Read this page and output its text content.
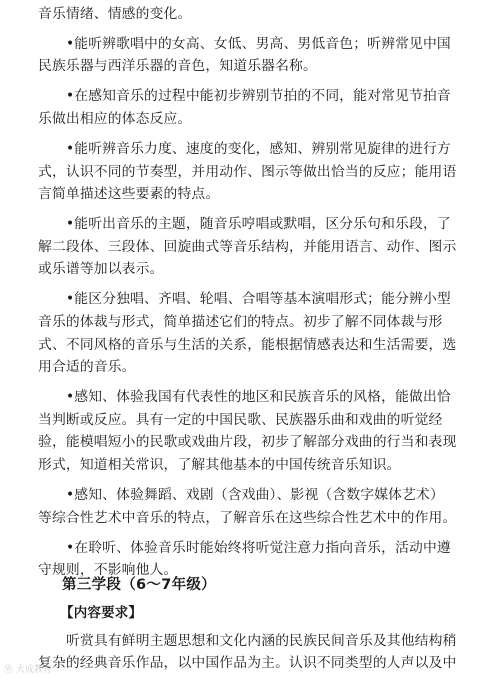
音乐情绪、情感的变化。
•能听辨歌唱中的女高、女低、男高、男低音色；听辨常见中国
民族乐器与西洋乐器的音色，知道乐器名称。
•在感知音乐的过程中能初步辨别节拍的不同，能对常见节拍音
乐做出相应的体态反应。
•能听辨音乐力度、速度的变化，感知、辨别常见旋律的进行方
式，认识不同的节奏型，并用动作、图示等做出恰当的反应；能用语
言简单描述这些要素的特点。
•能听出音乐的主题，随音乐哼唱或默唱，区分乐句和乐段，了
解二段体、三段体、回旋曲式等音乐结构，并能用语言、动作、图示
或乐谱等加以表示。
•能区分独唱、齐唱、轮唱、合唱等基本演唱形式；能分辨小型
音乐的体裁与形式，简单描述它们的特点。初步了解不同体裁与形
式、不同风格的音乐与生活的关系，能根据情感表达和生活需要，选
用合适的音乐。
•感知、体验我国有代表性的地区和民族音乐的风格，能做出恰
当判断或反应。具有一定的中国民歌、民族器乐曲和戏曲的听觉经
验，能模唱短小的民歌或戏曲片段，初步了解部分戏曲的行当和表现
形式，知道相关常识，了解其他基本的中国传统音乐知识。
•感知、体验舞蹈、戏剧（含戏曲）、影视（含数字媒体艺术）
等综合性艺术中音乐的特点，了解音乐在这些综合性艺术中的作用。
•在聆听、体验音乐时能始终将听觉注意力指向音乐，活动中遵
守规则，不影响他人。
第三学段（6～7年级）
听赏具有鲜明主题思想和文化内涵的民族民间音乐及其他结构稍
复杂的经典音乐作品，以中国作品为主。认识不同类型的人声以及中
【内容要求】
Ⓦ 大成教育
